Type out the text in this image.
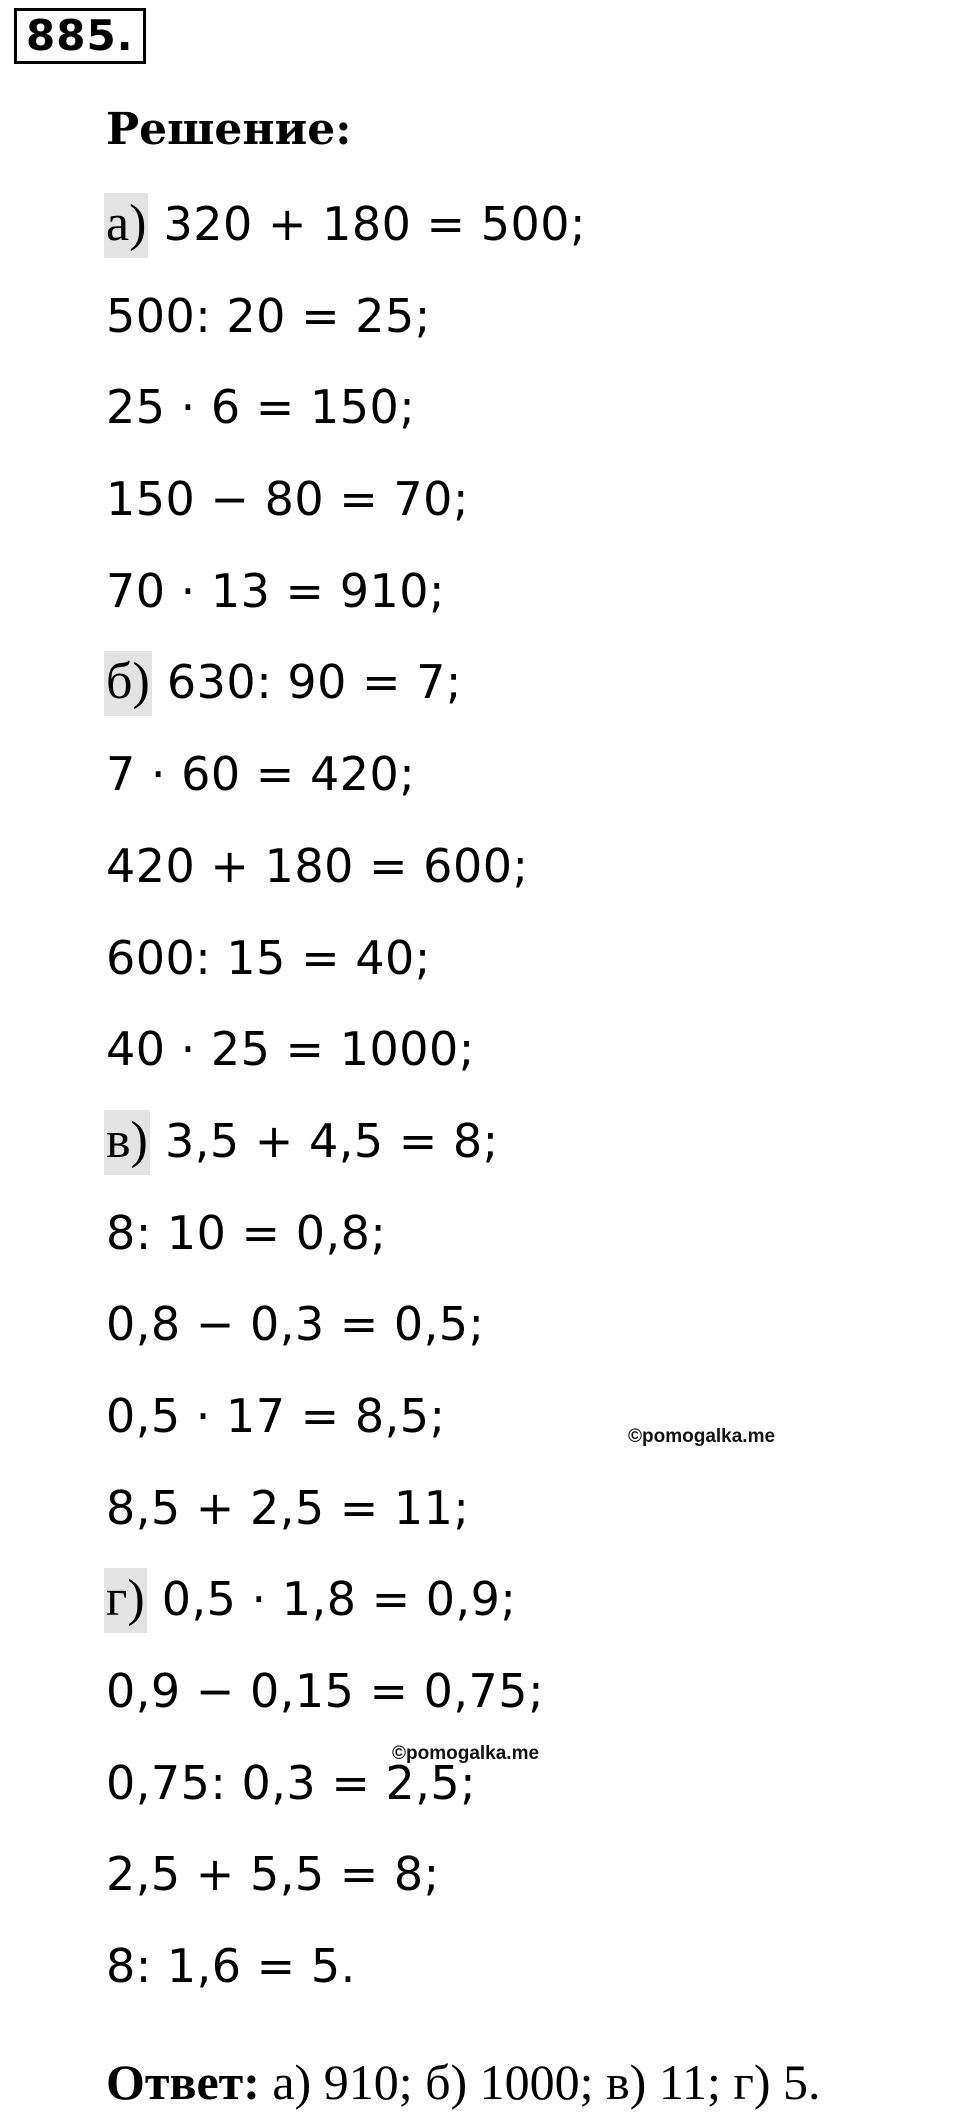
885.
Решение:
а) 320 + 180 = 500;
500: 20 = 25;
25 · 6 = 150;
150 − 80 = 70;
70 · 13 = 910;
б) 630: 90 = 7;
7 · 60 = 420;
420 + 180 = 600;
600: 15 = 40;
40 · 25 = 1000;
в) 3,5 + 4,5 = 8;
8: 10 = 0,8;
0,8 − 0,3 = 0,5;
0,5 · 17 = 8,5;
8,5 + 2,5 = 11;
г) 0,5 · 1,8 = 0,9;
0,9 − 0,15 = 0,75;
0,75: 0,3 = 2,5;
2,5 + 5,5 = 8;
8: 1,6 = 5.
©pomogalka.me
©pomogalka.me
Ответ: а) 910; б) 1000; в) 11; г) 5.
